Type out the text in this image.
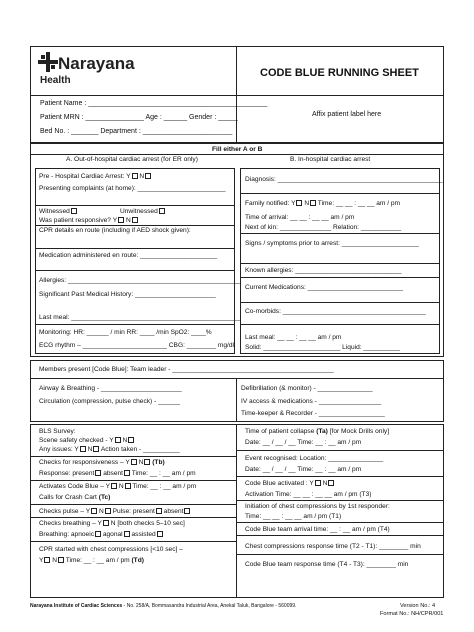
Narayana
Health
CODE BLUE RUNNING SHEET
Patient Name : ______________________________________________
Patient MRN : _______________ Age : ______ Gender : _____
Bed No. : _______ Department : _______________________
Affix patient label here
Fill either A or B
A. Out-of-hospital cardiac arrest (for ER only)	B. In-hospital cardiac arrest
Pre - Hospital Cardiac Arrest: Y N
Presenting complaints (at home): ________________________
Witnessed	Unwitnessed
Was patient responsive? Y N
CPR details en route (including if AED shock given):
Medication administered en route: _____________________
Allergies: _______________________________________________
Significant Past Medical History: ______________________
Last meal: ______________________________________________
Monitoring: HR: ______ / min RR: ____ /min SpO2: ____%
ECG rhythm – _______________________ CBG: ________ mg/dl
Diagnosis: _____________________________________________
Family notified: Y N Time: __ __ : __ __ am / pm
Time of arrival: __ __ : __ __ am / pm
Next of kin: ______________ Relation: ___________
Signs / symptoms prior to arrest: _____________________
Known allergies: _____________________________
Current Medications: __________________________
Co-morbids: _______________________________________
Last meal: __ __ : __ __ am / pm
Solid: _____________________ Liquid: __________
Members present [Code Blue]: Team leader - ____________________________________________
Airway & Breathing - ______________________
Circulation (compression, pulse check) - ______
Defibrillation (& monitor) - _______________
IV access & medications - _________________
Time-keeper & Recorder - __________________
BLS Survey:
Scene safety checked - Y N
Any issues: Y N Action taken - __________
Checks for responsiveness – Y N (Tb)
Response: present absent Time: __ : __ am / pm
Activates Code Blue – Y N Time: __ : __ am / pm
Calls for Crash Cart (Tc)
Checks pulse – Y N Pulse: present absent
Checks breathing – Y N [both checks 5–10 sec]
Breathing: apnoeic agonal assisted
CPR started with chest compressions [<10 sec] –
Y N Time: __ : __ am / pm (Td)
Time of patient collapse (Ta) [for Mock Drills only]
Date: __ / __ / __ Time: __ : __ am / pm
Event recognised: Location: _______________
Date: __ / __ / __ Time: __ : __ am / pm
Code Blue activated : Y N
Activation Time: __ __ : __ __ am / pm (T3)
Initiation of chest compressions by 1st responder:
Time: __ __ : __ __ am / pm (T1)
Code Blue team arrival time: __ : __ am / pm (T4)
Chest compressions response time (T2 - T1): ________ min
Code Blue team response time (T4 - T3): ________ min
Narayana Institute of Cardiac Sciences - No. 258/A, Bommasandra Industrial Area, Anekal Taluk, Bangalore - 560099.	Version No.: 4
Format No.: NH/CPR/001
